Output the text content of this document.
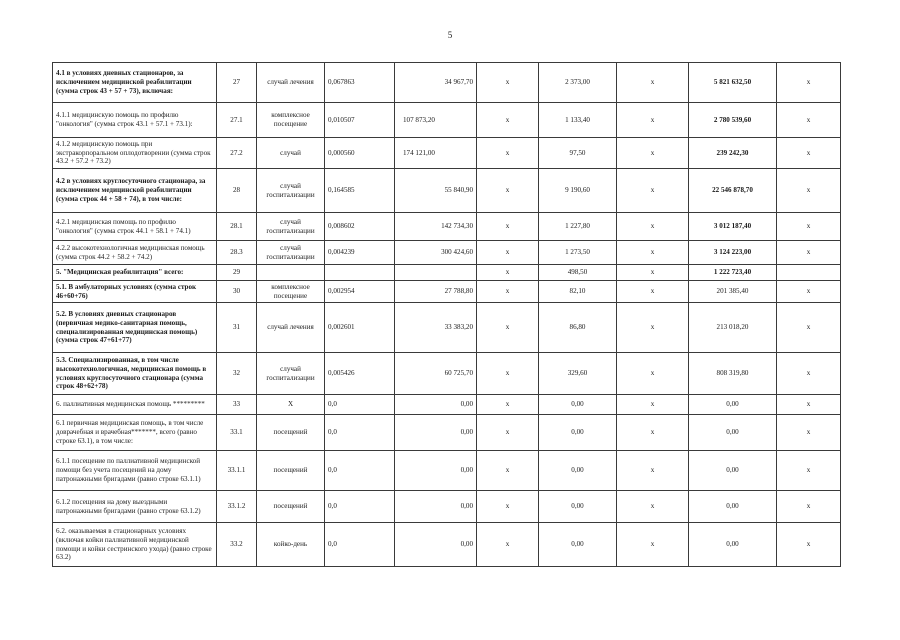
5
4.1 в условиях дневных стационаров, за исключением медицинской реабилитации (сумма строк 43 + 57 + 73), включая:	27	случай лечения	0,067863	34 967,70	x	2 373,00	x	5 821 632,50	x
4.1.1 медицинскую помощь по профилю "онкология" (сумма строк 43.1 + 57.1 + 73.1):	27.1	комплексное посещение	0,010507	107 873,20	x	1 133,40	x	2 780 539,60	x
4.1.2 медицинскую помощь при экстракорпоральном оплодотворении (сумма строк 43.2 + 57.2 + 73.2)	27.2	случай	0,000560	174 121,00	x	97,50	x	239 242,30	x
4.2 в условиях круглосуточного стационара, за исключением медицинской реабилитации (сумма строк 44 + 58 + 74), в том числе:	28	случай госпитализации	0,164585	55 840,90	x	9 190,60	x	22 546 878,70	x
4.2.1 медицинская помощь по профилю "онкология" (сумма строк 44.1 + 58.1 + 74.1)	28.1	случай госпитализации	0,008602	142 734,30	x	1 227,80	x	3 012 187,40	x
4.2.2 высокотехнологичная медицинская помощь (сумма строк 44.2 + 58.2 + 74.2)	28.3	случай госпитализации	0,004239	300 424,60	x	1 273,50	x	3 124 223,00	x
5. "Медицинская реабилитация" всего:	29				x	498,50	x	1 222 723,40	
5.1. В амбулаторных условиях (сумма строк 46+60+76)	30	комплексное посещение	0,002954	27 788,80	x	82,10	x	201 385,40	x
5.2. В условиях дневных стационаров (первичная медико-санитарная помощь, специализированная медицинская помощь) (сумма строк 47+61+77)	31	случай лечения	0,002601	33 383,20	x	86,80	x	213 018,20	x
5.3. Специализированная, в том числе высокотехнологичная, медицинская помощь в условиях круглосуточного стационара (сумма строк 48+62+78)	32	случай госпитализации	0,005426	60 725,70	x	329,60	x	808 319,80	x
6. паллиативная медицинская помощь *********	33	X	0,0	0,00	x	0,00	x	0,00	x
6.1 первичная медицинская помощь, в том числе доврачебная и врачебная*******, всего (равно строке 63.1), в том числе:	33.1	посещений	0,0	0,00	x	0,00	x	0,00	x
6.1.1 посещение по паллиативной медицинской помощи без учета посещений на дому патронажными бригадами (равно строке 63.1.1)	33.1.1	посещений	0,0	0,00	x	0,00	x	0,00	x
6.1.2 посещения на дому выездными патронажными бригадами (равно строке 63.1.2)	33.1.2	посещений	0,0	0,00	x	0,00	x	0,00	x
6.2. оказываемая в стационарных условиях (включая койки паллиативной медицинской помощи и койки сестринского ухода) (равно строке 63.2)	33.2	койко-день	0,0	0,00	x	0,00	x	0,00	x
